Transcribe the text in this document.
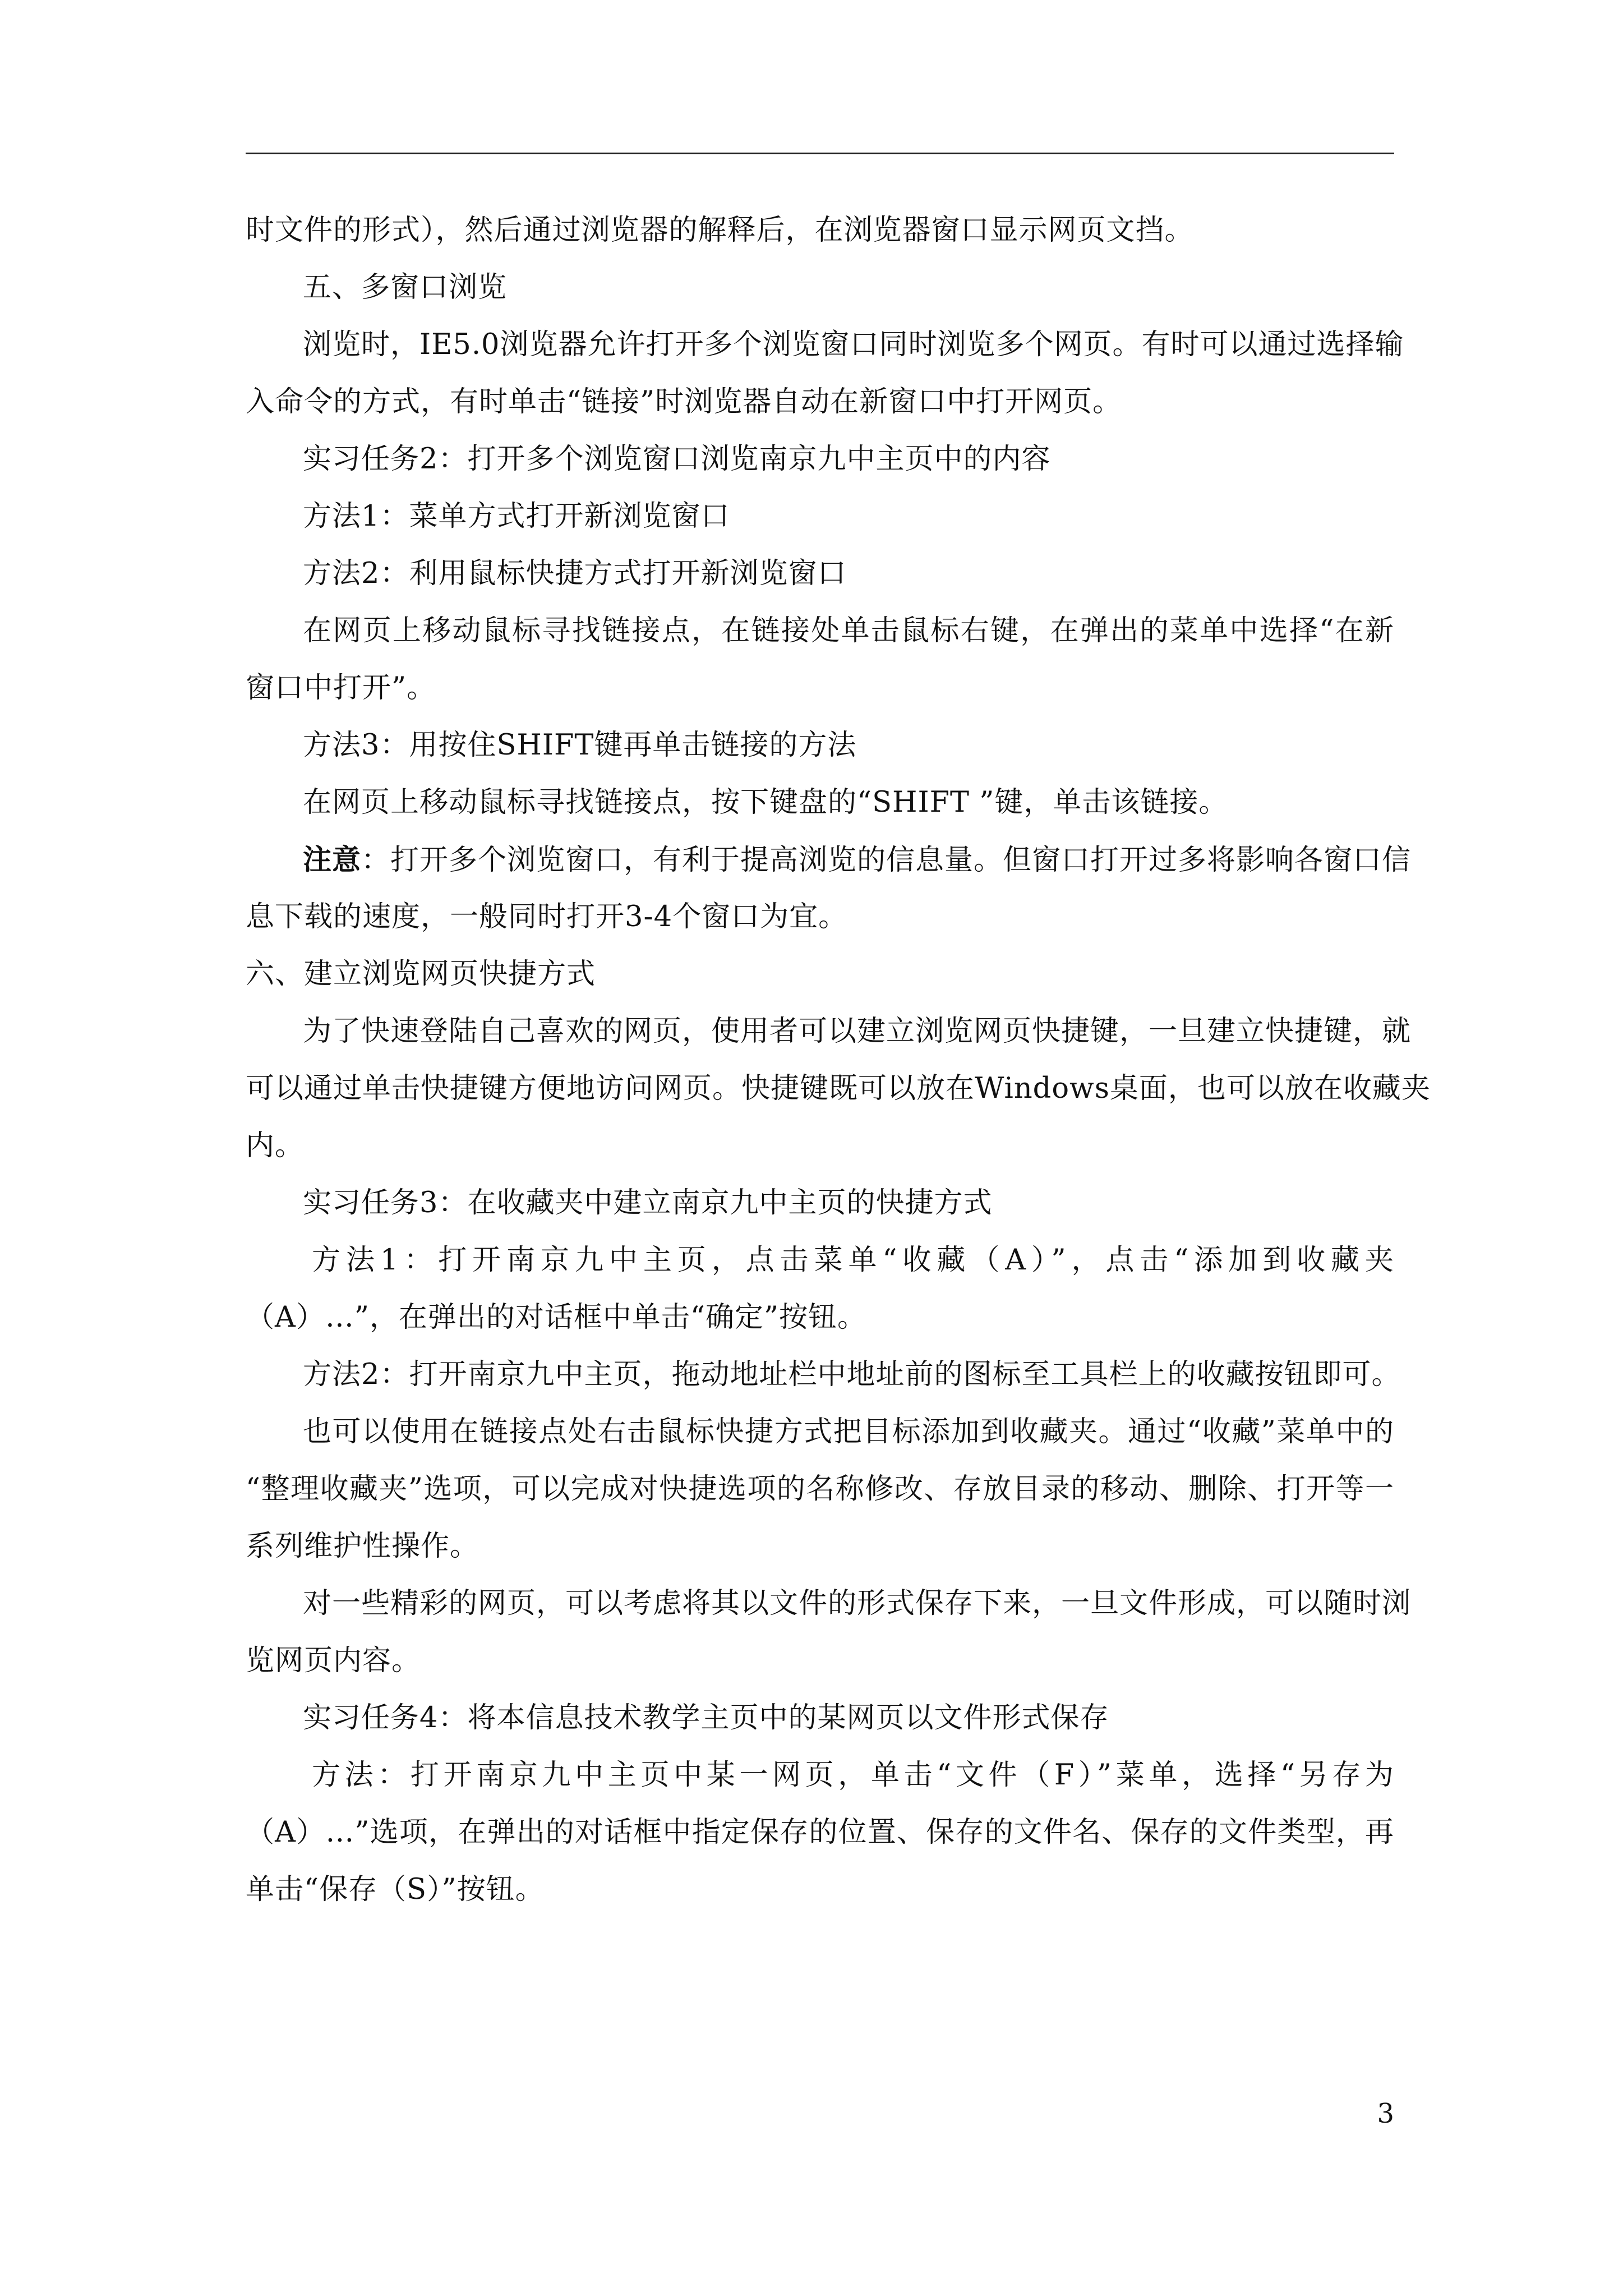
时文件的形式），然后通过浏览器的解释后，在浏览器窗口显示网页文挡。
五、多窗口浏览
浏览时，IE5.0浏览器允许打开多个浏览窗口同时浏览多个网页。有时可以通过选择输
入命令的方式，有时单击“链接”时浏览器自动在新窗口中打开网页。
实习任务2：打开多个浏览窗口浏览南京九中主页中的内容
方法1：菜单方式打开新浏览窗口
方法2：利用鼠标快捷方式打开新浏览窗口
在网页上移动鼠标寻找链接点，在链接处单击鼠标右键，在弹出的菜单中选择“在新
窗口中打开”。
方法3：用按住SHIFT键再单击链接的方法
在网页上移动鼠标寻找链接点，按下键盘的“SHIFT ”键，单击该链接。
注意：打开多个浏览窗口，有利于提高浏览的信息量。但窗口打开过多将影响各窗口信
息下载的速度，一般同时打开3-4个窗口为宜。
六、建立浏览网页快捷方式
为了快速登陆自己喜欢的网页，使用者可以建立浏览网页快捷键，一旦建立快捷键，就
可以通过单击快捷键方便地访问网页。快捷键既可以放在Windows桌面，也可以放在收藏夹
内。
实习任务3：在收藏夹中建立南京九中主页的快捷方式
方法1：打开南京九中主页，点击菜单“收藏（A）”，点击“添加到收藏夹
（A）…”，在弹出的对话框中单击“确定”按钮。
方法2：打开南京九中主页，拖动地址栏中地址前的图标至工具栏上的收藏按钮即可。
也可以使用在链接点处右击鼠标快捷方式把目标添加到收藏夹。通过“收藏”菜单中的
“整理收藏夹”选项，可以完成对快捷选项的名称修改、存放目录的移动、删除、打开等一
系列维护性操作。
对一些精彩的网页，可以考虑将其以文件的形式保存下来，一旦文件形成，可以随时浏
览网页内容。
实习任务4：将本信息技术教学主页中的某网页以文件形式保存
方法：打开南京九中主页中某一网页，单击“文件（F）”菜单，选择“另存为
（A）…”选项，在弹出的对话框中指定保存的位置、保存的文件名、保存的文件类型，再
单击“保存（S）”按钮。
3
